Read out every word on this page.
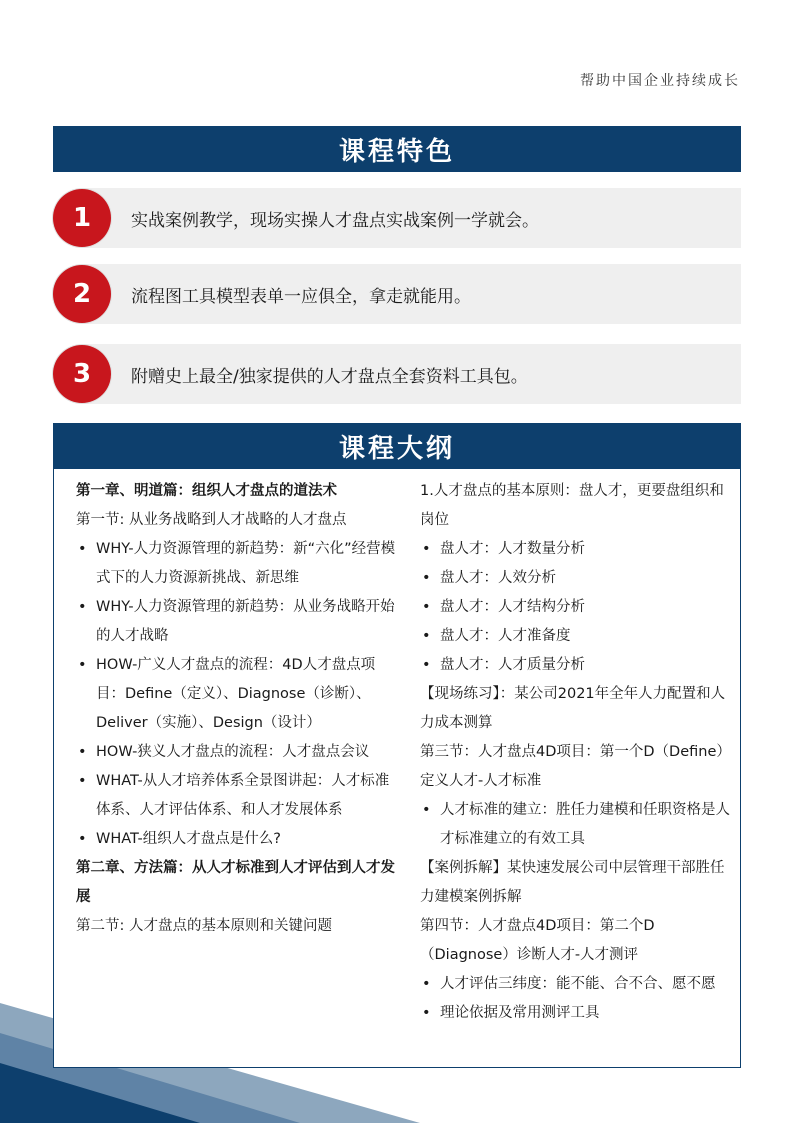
帮助中国企业持续成长
课程特色
1	实战案例教学，现场实操人才盘点实战案例一学就会。
2	流程图工具模型表单一应俱全，拿走就能用。
3	附赠史上最全/独家提供的人才盘点全套资料工具包。
课程大纲
第一章、明道篇：组织人才盘点的道法术
第一节: 从业务战略到人才战略的人才盘点
• WHY-人力资源管理的新趋势：新“六化”经营模式下的人力资源新挑战、新思维
• WHY-人力资源管理的新趋势：从业务战略开始的人才战略
• HOW-广义人才盘点的流程：4D人才盘点项目：Define（定义）、Diagnose（诊断）、Deliver（实施）、Design（设计）
• HOW-狭义人才盘点的流程：人才盘点会议
• WHAT-从人才培养体系全景图讲起：人才标准体系、人才评估体系、和人才发展体系
• WHAT-组织人才盘点是什么?
第二章、方法篇：从人才标准到人才评估到人才发展
第二节: 人才盘点的基本原则和关键问题
1.人才盘点的基本原则：盘人才，更要盘组织和岗位
• 盘人才：人才数量分析
• 盘人才：人效分析
• 盘人才：人才结构分析
• 盘人才：人才准备度
• 盘人才：人才质量分析
【现场练习】：某公司2021年全年人力配置和人力成本测算
第三节：人才盘点4D项目：第一个D（Define）定义人才-人才标准
• 人才标准的建立：胜任力建模和任职资格是人才标准建立的有效工具
【案例拆解】某快速发展公司中层管理干部胜任力建模案例拆解
第四节：人才盘点4D项目：第二个D（Diagnose）诊断人才-人才测评
• 人才评估三纬度：能不能、合不合、愿不愿
• 理论依据及常用测评工具
